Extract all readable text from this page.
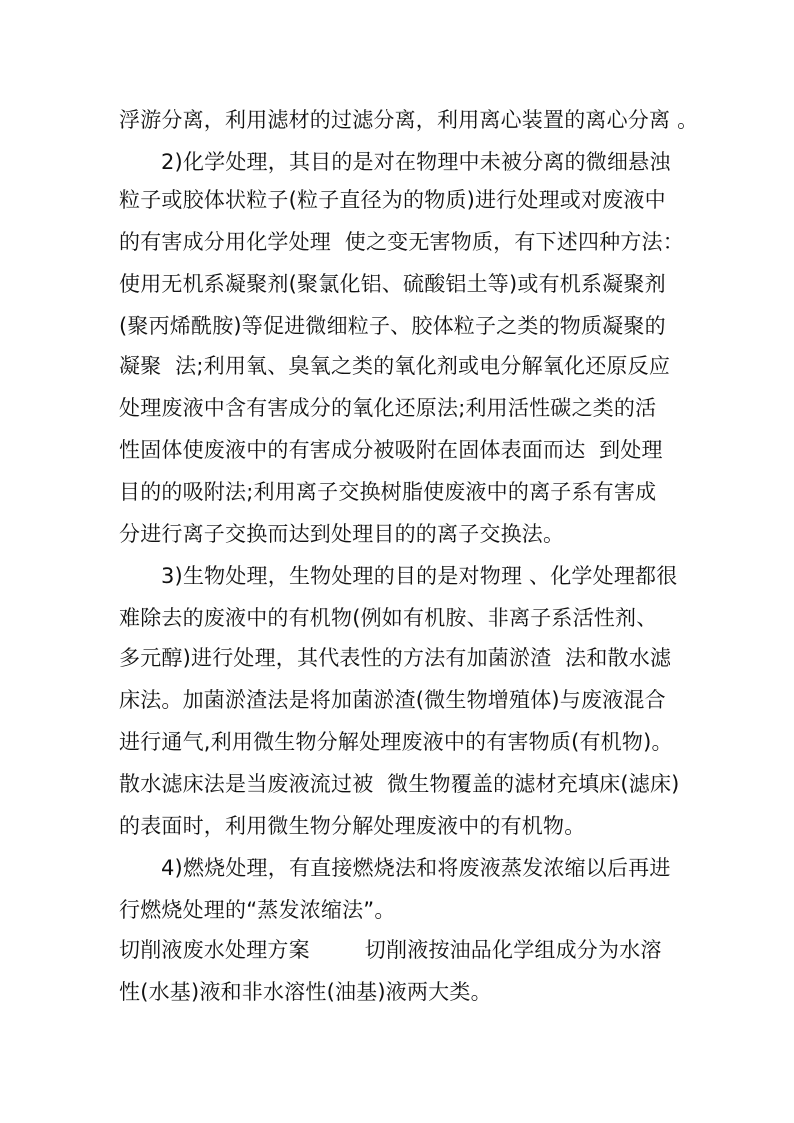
浮游分离，利用滤材的过滤分离，利用离心装置的离心分离 。
2)化学处理，其目的是对在物理中未被分离的微细悬浊
粒子或胶体状粒子(粒子直径为的物质)进行处理或对废液中
的有害成分用化学处理  使之变无害物质，有下述四种方法：
使用无机系凝聚剂(聚氯化铝、硫酸铝土等)或有机系凝聚剂
(聚丙烯酰胺)等促进微细粒子、胶体粒子之类的物质凝聚的
凝聚  法;利用氧、臭氧之类的氧化剂或电分解氧化还原反应
处理废液中含有害成分的氧化还原法;利用活性碳之类的活
性固体使废液中的有害成分被吸附在固体表面而达  到处理
目的的吸附法;利用离子交换树脂使废液中的离子系有害成
分进行离子交换而达到处理目的的离子交换法。
3)生物处理，生物处理的目的是对物理 、化学处理都很
难除去的废液中的有机物(例如有机胺、非离子系活性剂、
多元醇)进行处理，其代表性的方法有加菌淤渣  法和散水滤
床法。加菌淤渣法是将加菌淤渣(微生物增殖体)与废液混合
进行通气,利用微生物分解处理废液中的有害物质(有机物)。
散水滤床法是当废液流过被  微生物覆盖的滤材充填床(滤床)
的表面时，利用微生物分解处理废液中的有机物。
4)燃烧处理，有直接燃烧法和将废液蒸发浓缩以后再进
行燃烧处理的“蒸发浓缩法”。
切削液废水处理方案        切削液按油品化学组成分为水溶
性(水基)液和非水溶性(油基)液两大类。
